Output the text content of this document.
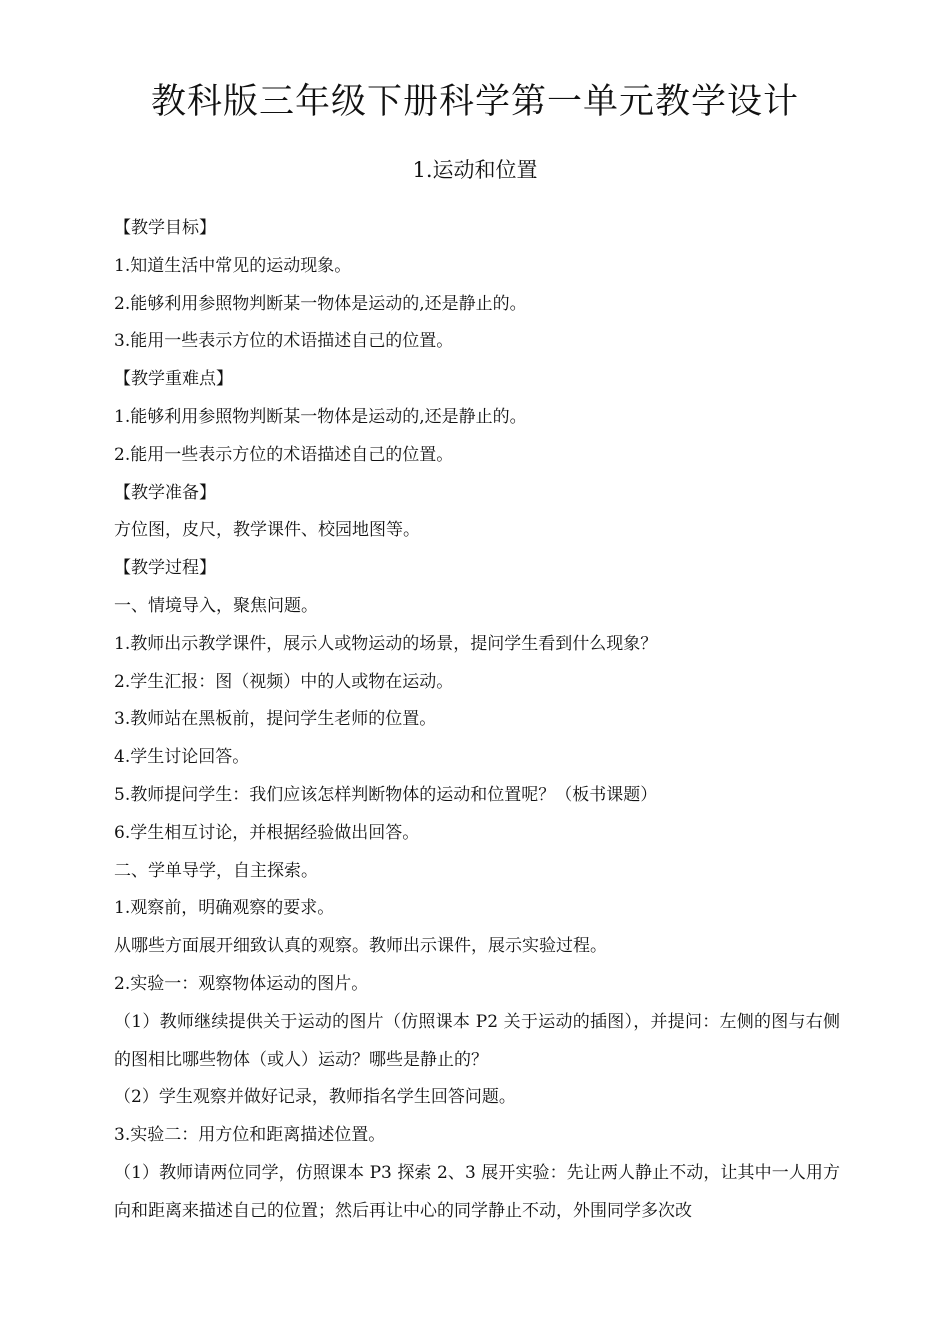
教科版三年级下册科学第一单元教学设计
1.运动和位置

【教学目标】

1.知道生活中常见的运动现象。

2.能够利用参照物判断某一物体是运动的,还是静止的。

3.能用一些表示方位的术语描述自己的位置。

【教学重难点】

1.能够利用参照物判断某一物体是运动的,还是静止的。

2.能用一些表示方位的术语描述自己的位置。

【教学准备】

方位图，皮尺，教学课件、校园地图等。

【教学过程】

一、情境导入，聚焦问题。

1.教师出示教学课件，展示人或物运动的场景，提问学生看到什么现象？

2.学生汇报：图（视频）中的人或物在运动。

3.教师站在黑板前，提问学生老师的位置。

4.学生讨论回答。

5.教师提问学生：我们应该怎样判断物体的运动和位置呢？（板书课题）

6.学生相互讨论，并根据经验做出回答。

二、学单导学，自主探索。

1.观察前，明确观察的要求。

从哪些方面展开细致认真的观察。教师出示课件，展示实验过程。

2.实验一：观察物体运动的图片。

（1）教师继续提供关于运动的图片（仿照课本 P2 关于运动的插图），并提问：左侧的图与右侧的图相比哪些物体（或人）运动？哪些是静止的？

（2）学生观察并做好记录，教师指名学生回答问题。

3.实验二：用方位和距离描述位置。

（1）教师请两位同学，仿照课本 P3 探索 2、3 展开实验：先让两人静止不动，让其中一人用方向和距离来描述自己的位置；然后再让中心的同学静止不动，外围同学多次改
